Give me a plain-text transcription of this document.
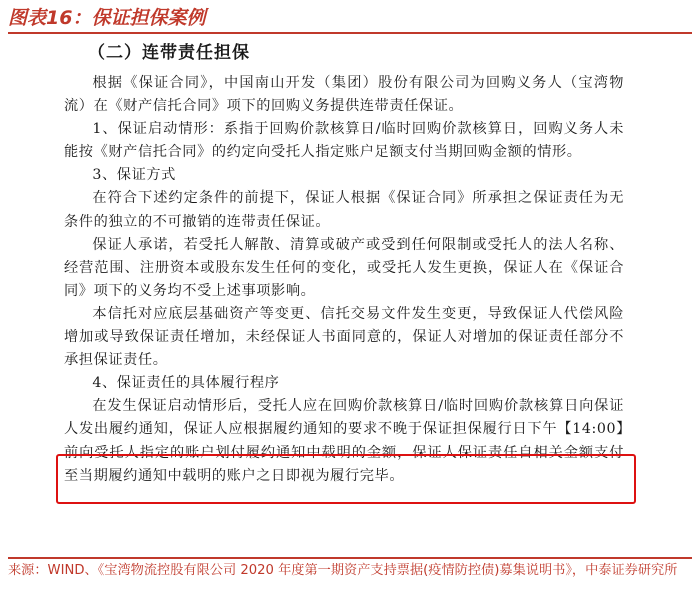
图表16：保证担保案例
（二）连带责任担保

根据《保证合同》，中国南山开发（集团）股份有限公司为回购义务人（宝湾物流）在《财产信托合同》项下的回购义务提供连带责任保证。

1、保证启动情形：系指于回购价款核算日/临时回购价款核算日，回购义务人未能按《财产信托合同》的约定向受托人指定账户足额支付当期回购金额的情形。

3、保证方式

在符合下述约定条件的前提下，保证人根据《保证合同》所承担之保证责任为无条件的独立的不可撤销的连带责任保证。

保证人承诺，若受托人解散、清算或破产或受到任何限制或受托人的法人名称、经营范围、注册资本或股东发生任何的变化，或受托人发生更换，保证人在《保证合同》项下的义务均不受上述事项影响。

本信托对应底层基础资产等变更、信托交易文件发生变更，导致保证人代偿风险增加或导致保证责任增加，未经保证人书面同意的，保证人对增加的保证责任部分不承担保证责任。

4、保证责任的具体履行程序

在发生保证启动情形后，受托人应在回购价款核算日/临时回购价款核算日向保证人发出履约通知，保证人应根据履约通知的要求不晚于保证担保履行日下午【14:00】前向受托人指定的账户划付履约通知中载明的金额，保证人保证责任自相关金额支付至当期履约通知中载明的账户之日即视为履行完毕。

来源：WIND、《宝湾物流控股有限公司 2020 年度第一期资产支持票据(疫情防控债)募集说明书》，中泰证券研究所
